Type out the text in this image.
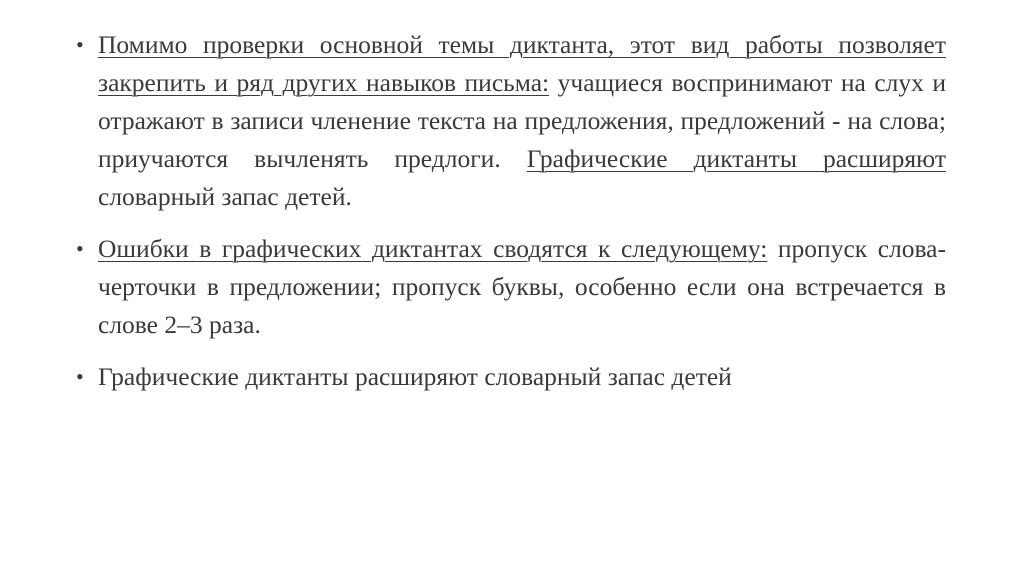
• Помимо проверки основной темы диктанта, этот вид работы позволяет закрепить и ряд других навыков письма: учащиеся воспринимают на слух и отражают в записи членение текста на предложения, предложений - на слова; приучаются вычленять предлоги. Графические диктанты расширяют словарный запас детей.
• Ошибки в графических диктантах сводятся к следующему: пропуск слова-черточки в предложении; пропуск буквы, особенно если она встречается в слове 2–3 раза.
• Графические диктанты расширяют словарный запас детей
